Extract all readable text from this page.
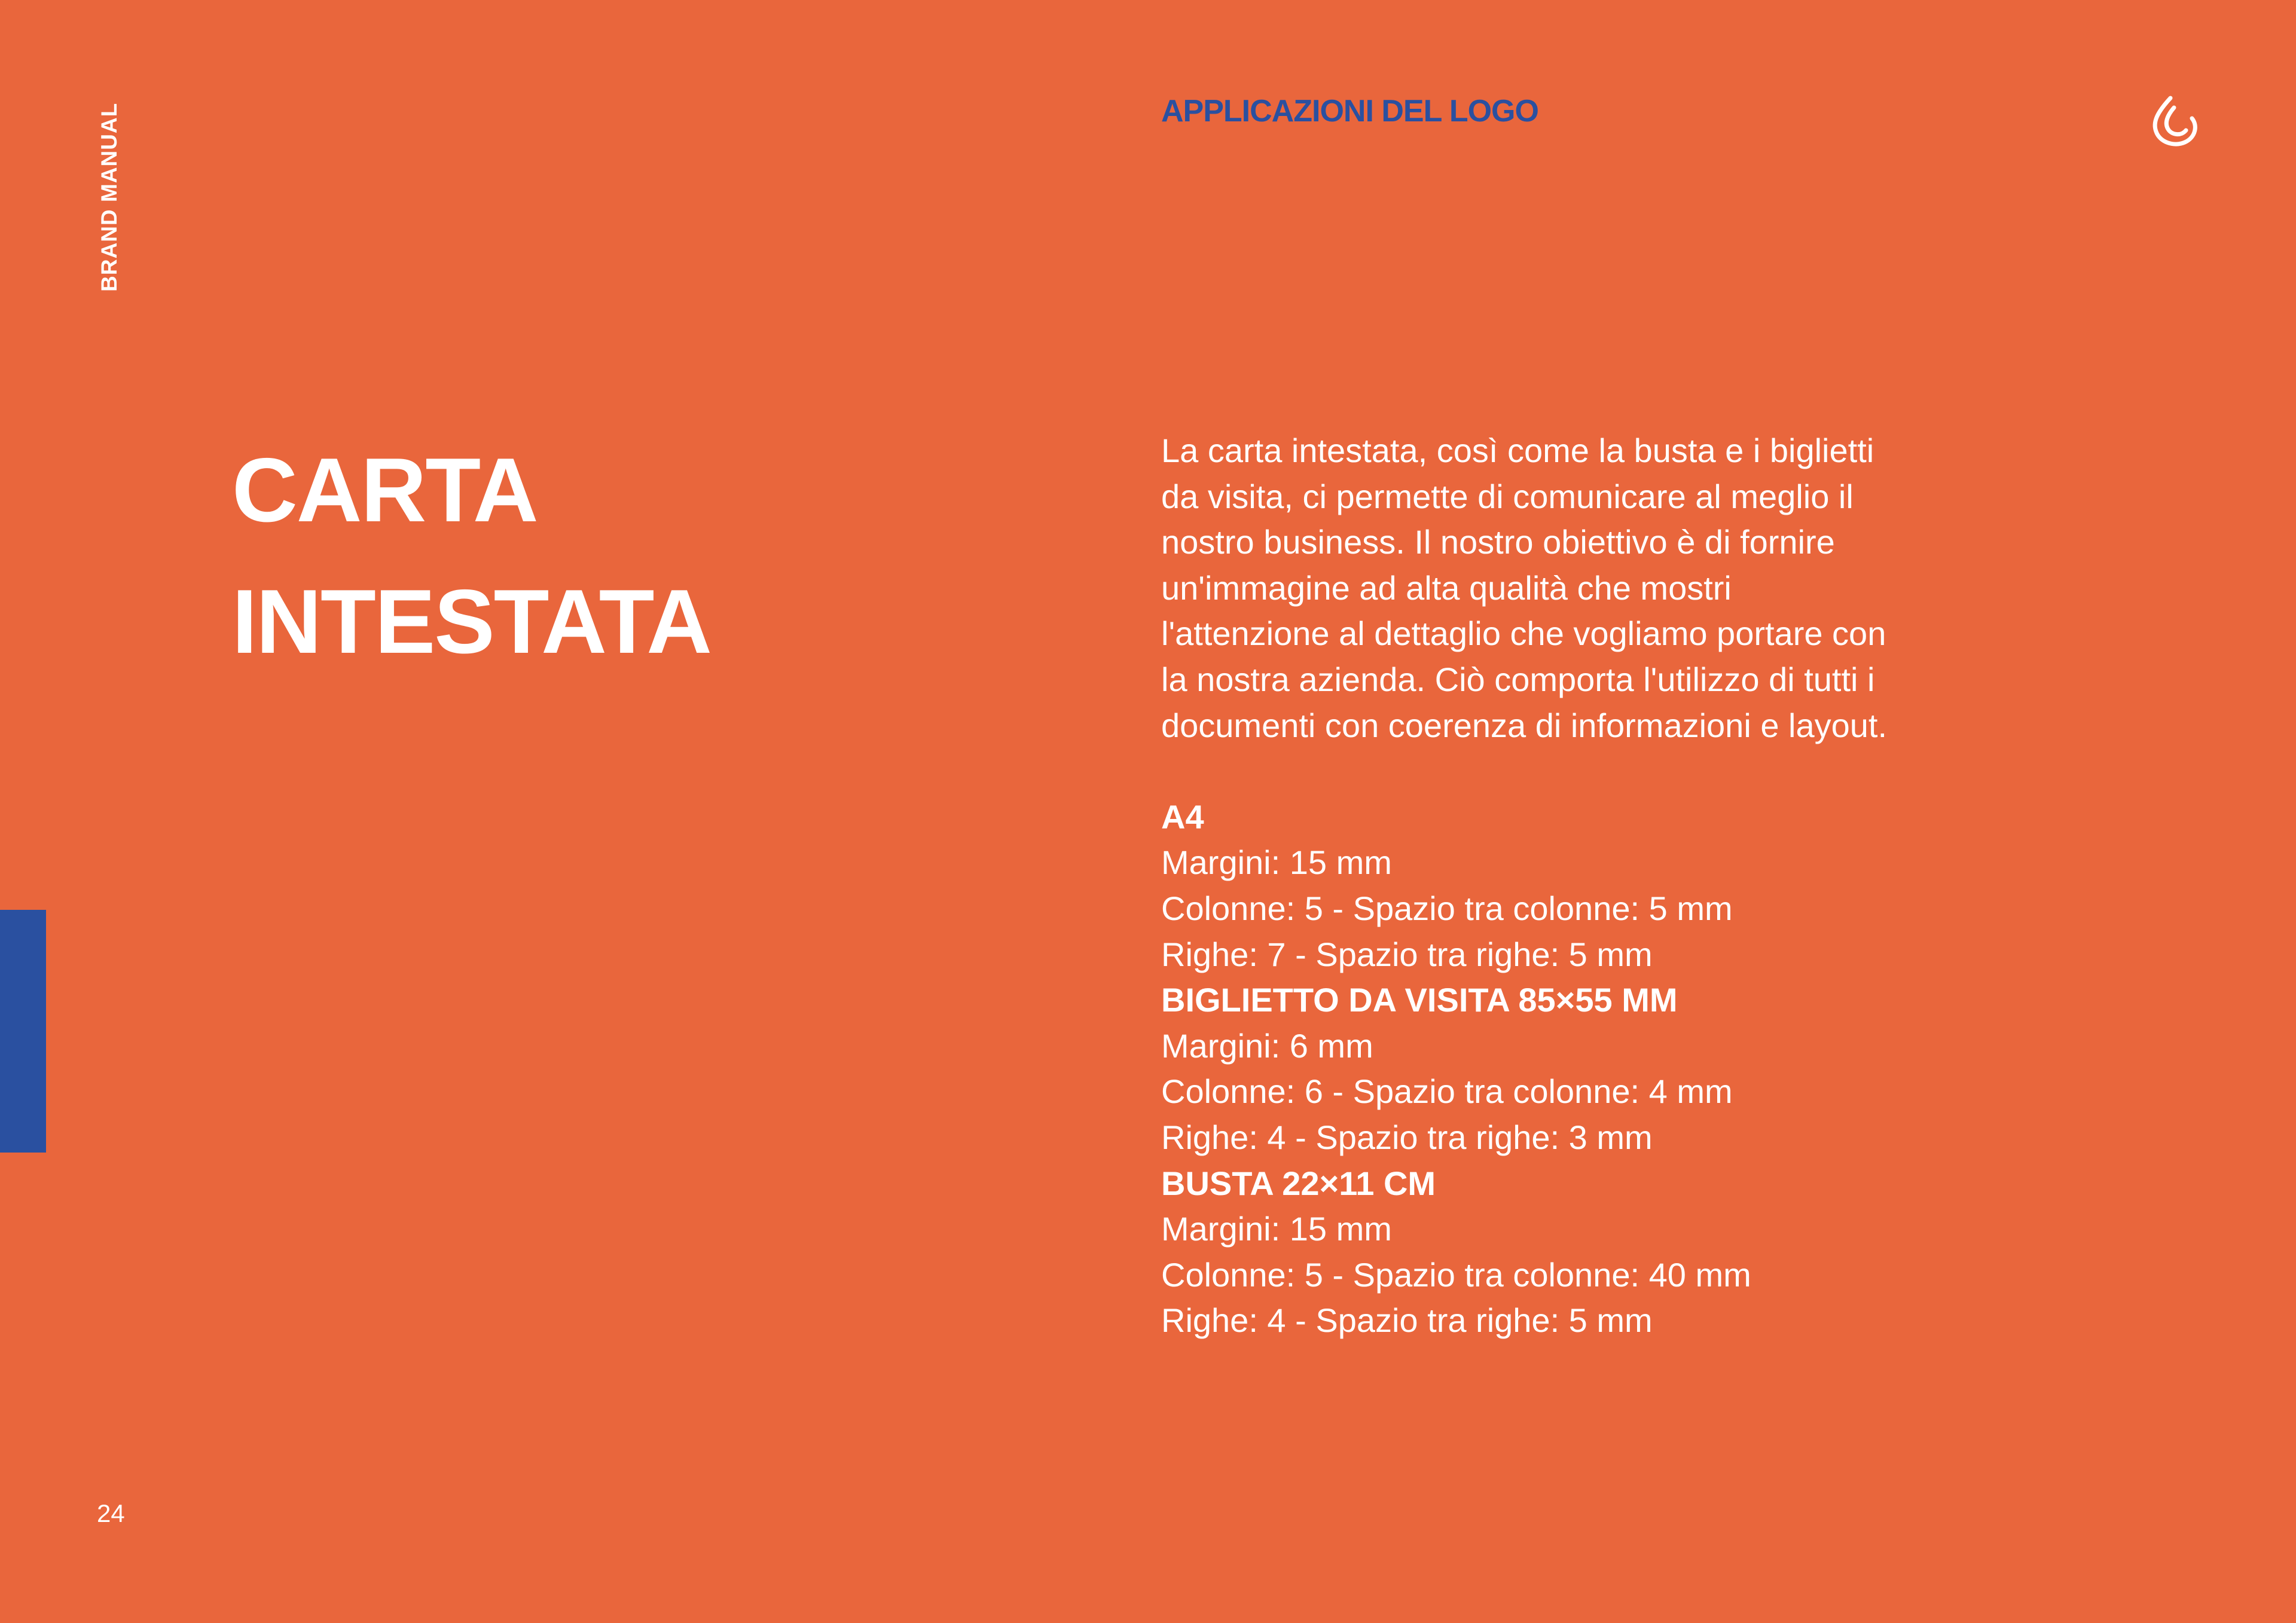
BRAND MANUAL	APPLICAZIONI DEL LOGO
CARTA
INTESTATA

La carta intestata, così come la busta e i biglietti da visita, ci permette di comunicare al meglio il nostro business. Il nostro obiettivo è di fornire un'immagine ad alta qualità che mostri l'attenzione al dettaglio che vogliamo portare con la nostra azienda. Ciò comporta l'utilizzo di tutti i documenti con coerenza di informazioni e layout.

A4
Margini: 15 mm
Colonne: 5 - Spazio tra colonne: 5 mm
Righe: 7 - Spazio tra righe: 5 mm
BIGLIETTO DA VISITA 85×55 MM
Margini: 6 mm
Colonne: 6 - Spazio tra colonne: 4 mm
Righe: 4 - Spazio tra righe: 3 mm
BUSTA 22×11 CM
Margini: 15 mm
Colonne: 5 - Spazio tra colonne: 40 mm
Righe: 4 - Spazio tra righe: 5 mm
24
